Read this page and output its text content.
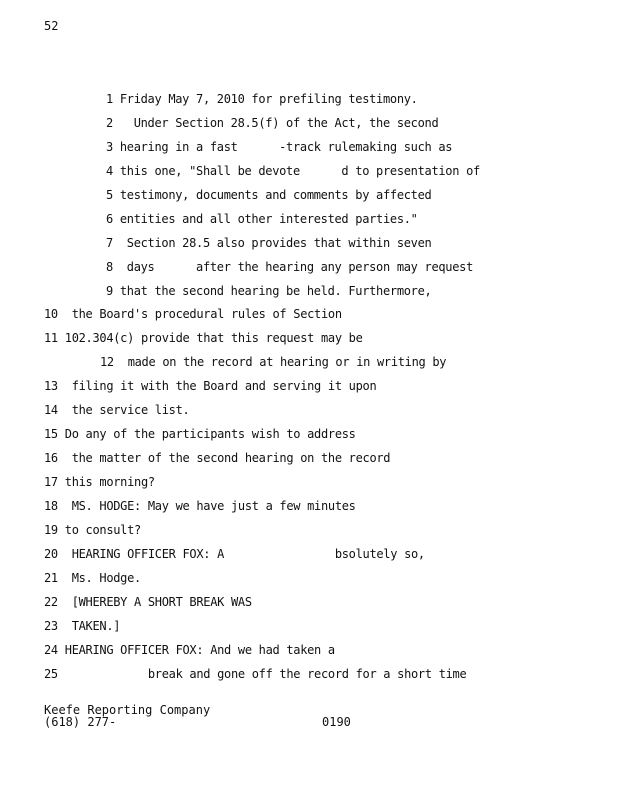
52
1 Friday May 7, 2010 for prefiling testimony.
2   Under Section 28.5(f) of the Act, the second
3 hearing in a fast      -track rulemaking such as
4 this one, "Shall be devote      d to presentation of
5 testimony, documents and comments by affected
6 entities and all other interested parties."
7  Section 28.5 also provides that within seven
8  days      after the hearing any person may request
9 that the second hearing be held. Furthermore,
10  the Board's procedural rules of Section
11 102.304(c) provide that this request may be
12  made on the record at hearing or in writing by
13  filing it with the Board and serving it upon
14  the service list.
15 Do any of the participants wish to address
16  the matter of the second hearing on the record
17 this morning?
18  MS. HODGE: May we have just a few minutes
19 to consult?
20  HEARING OFFICER FOX: A                bsolutely so,
21  Ms. Hodge.
22  [WHEREBY A SHORT BREAK WAS
23  TAKEN.]
24 HEARING OFFICER FOX: And we had taken a
25             break and gone off the record for a short time
Keefe Reporting Company
(618) 277-	0190
